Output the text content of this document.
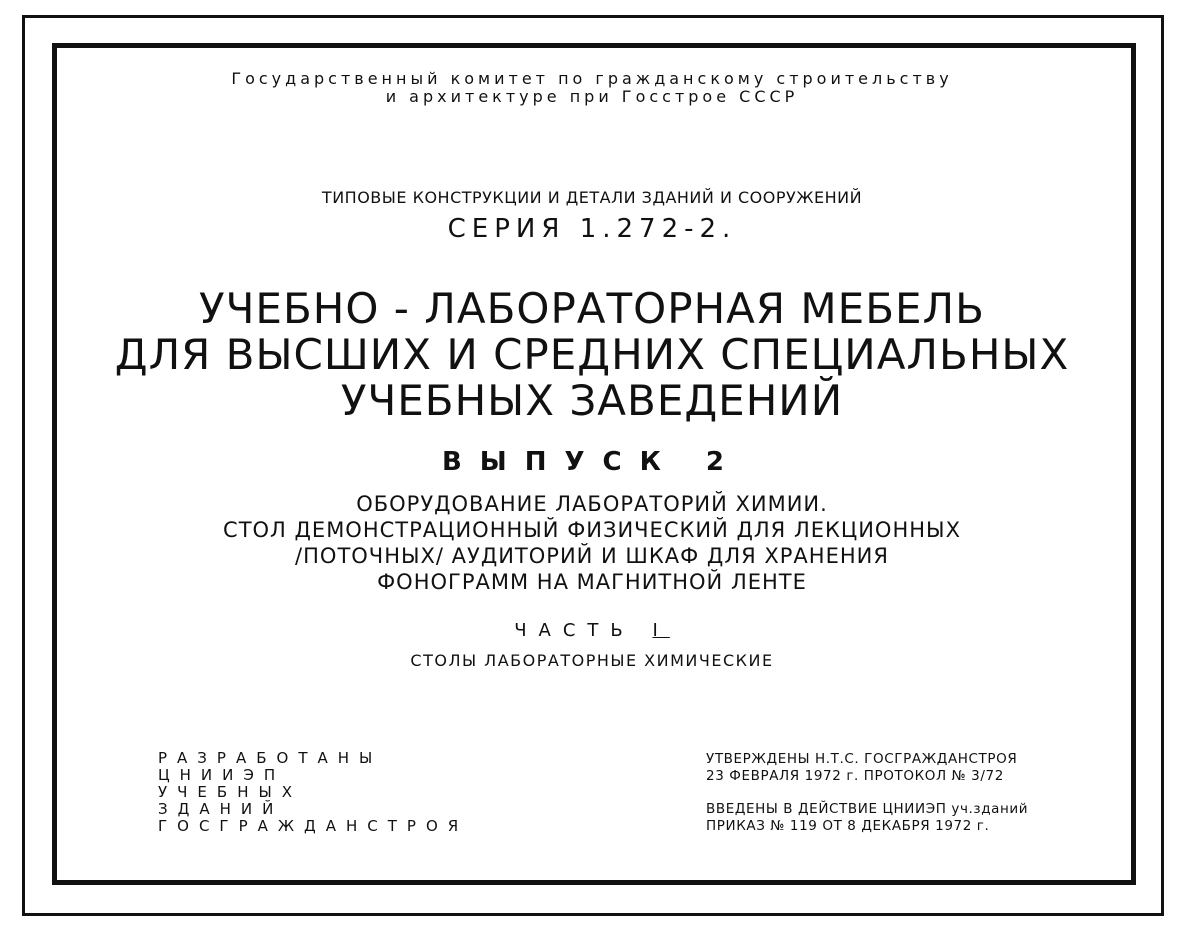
Государственный комитет по гражданскому строительству
и архитектуре при Госстрое СССР
ТИПОВЫЕ КОНСТРУКЦИИ И ДЕТАЛИ ЗДАНИЙ И СООРУЖЕНИЙ
СЕРИЯ 1.272-2.
УЧЕБНО - ЛАБОРАТОРНАЯ МЕБЕЛЬ
ДЛЯ ВЫСШИХ И СРЕДНИХ СПЕЦИАЛЬНЫХ
УЧЕБНЫХ ЗАВЕДЕНИЙ
ВЫПУСК 2
ОБОРУДОВАНИЕ ЛАБОРАТОРИЙ ХИМИИ.
СТОЛ ДЕМОНСТРАЦИОННЫЙ ФИЗИЧЕСКИЙ ДЛЯ ЛЕКЦИОННЫХ
/ПОТОЧНЫХ/ АУДИТОРИЙ И ШКАФ ДЛЯ ХРАНЕНИЯ
ФОНОГРАММ НА МАГНИТНОЙ ЛЕНТЕ
ЧАСТЬ I
СТОЛЫ ЛАБОРАТОРНЫЕ ХИМИЧЕСКИЕ
РАЗРАБОТАНЫ
ЦНИИЭП
УЧЕБНЫХ
ЗДАНИЙ
ГОСГРАЖДАНСТРОЯ
УТВЕРЖДЕНЫ Н.Т.С. ГОСГРАЖДАНСТРОЯ
23 ФЕВРАЛЯ 1972 г. ПРОТОКОЛ № 3/72
ВВЕДЕНЫ В ДЕЙСТВИЕ ЦНИИЭП уч.зданий
ПРИКАЗ № 119 ОТ 8 ДЕКАБРЯ 1972 г.
